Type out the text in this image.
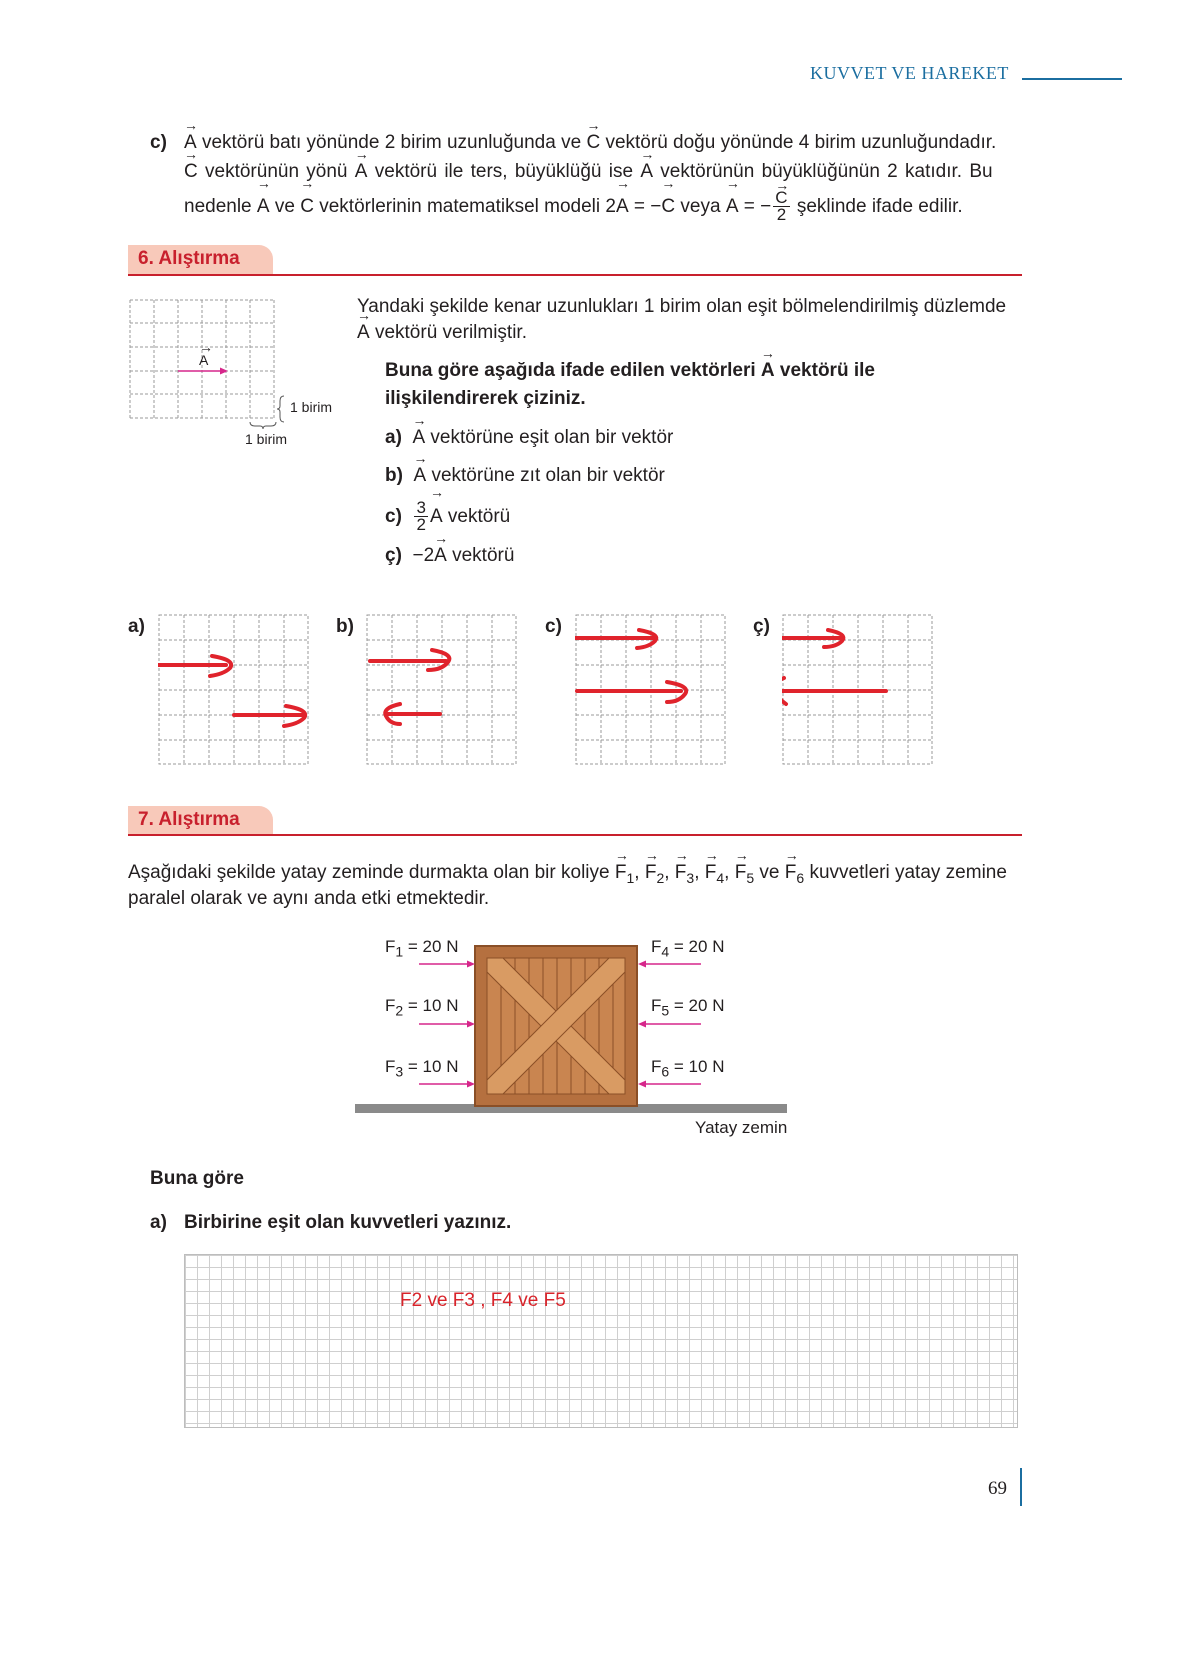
KUVVET VE HAREKET
c)
→ A vektörü batı yönünde 2 birim uzunluğunda ve → C vektörü doğu yönünde 4 birim uzunluğundadır.
→ C vektörünün yönü → A vektörü ile ters, büyüklüğü ise → A vektörünün büyüklüğünün 2 katıdır. Bu
nedenle → A ve → C vektörlerinin matematiksel modeli 2→ A = −→ C veya → A = −
→ $\frac{C}{2}$ şeklinde ifade edilir.
6. Alıştırma
→ A
1 birim
1 birim
Yandaki şekilde kenar uzunlukları 1 birim olan eşit bölmelendirilmiş düzlemde
→ A vektörü verilmiştir.
Buna göre aşağıda ifade edilen vektörleri → A vektörü ile
ilişkilendirerek çiziniz.
a)  → A vektörüne eşit olan bir vektör
b)  → A vektörüne zıt olan bir vektör
$c) \frac{3}{2}$
→ A vektörü
ç) −2→ A vektörü
a)	b)	c)	ç)
7. Alıştırma
Aşağıdaki şekilde yatay zeminde durmakta olan bir koliye → $F_1$, → $F_2$, → $F_3$, → $F_4$, → $F_5$ ve → $F_6$ kuvvetleri yatay zemine
paralel olarak ve aynı anda etki etmektedir.
$F_1 = 20$ N
$F_2 = 10$ N
$F_3 = 10$ N
$F_4 = 20$ N
$F_5 = 20$ N
$F_6 = 10$ N
Yatay zemin
Buna göre
a) Birbirine eşit olan kuvvetleri yazınız.
F2 ve F3 , F4 ve F5
69
